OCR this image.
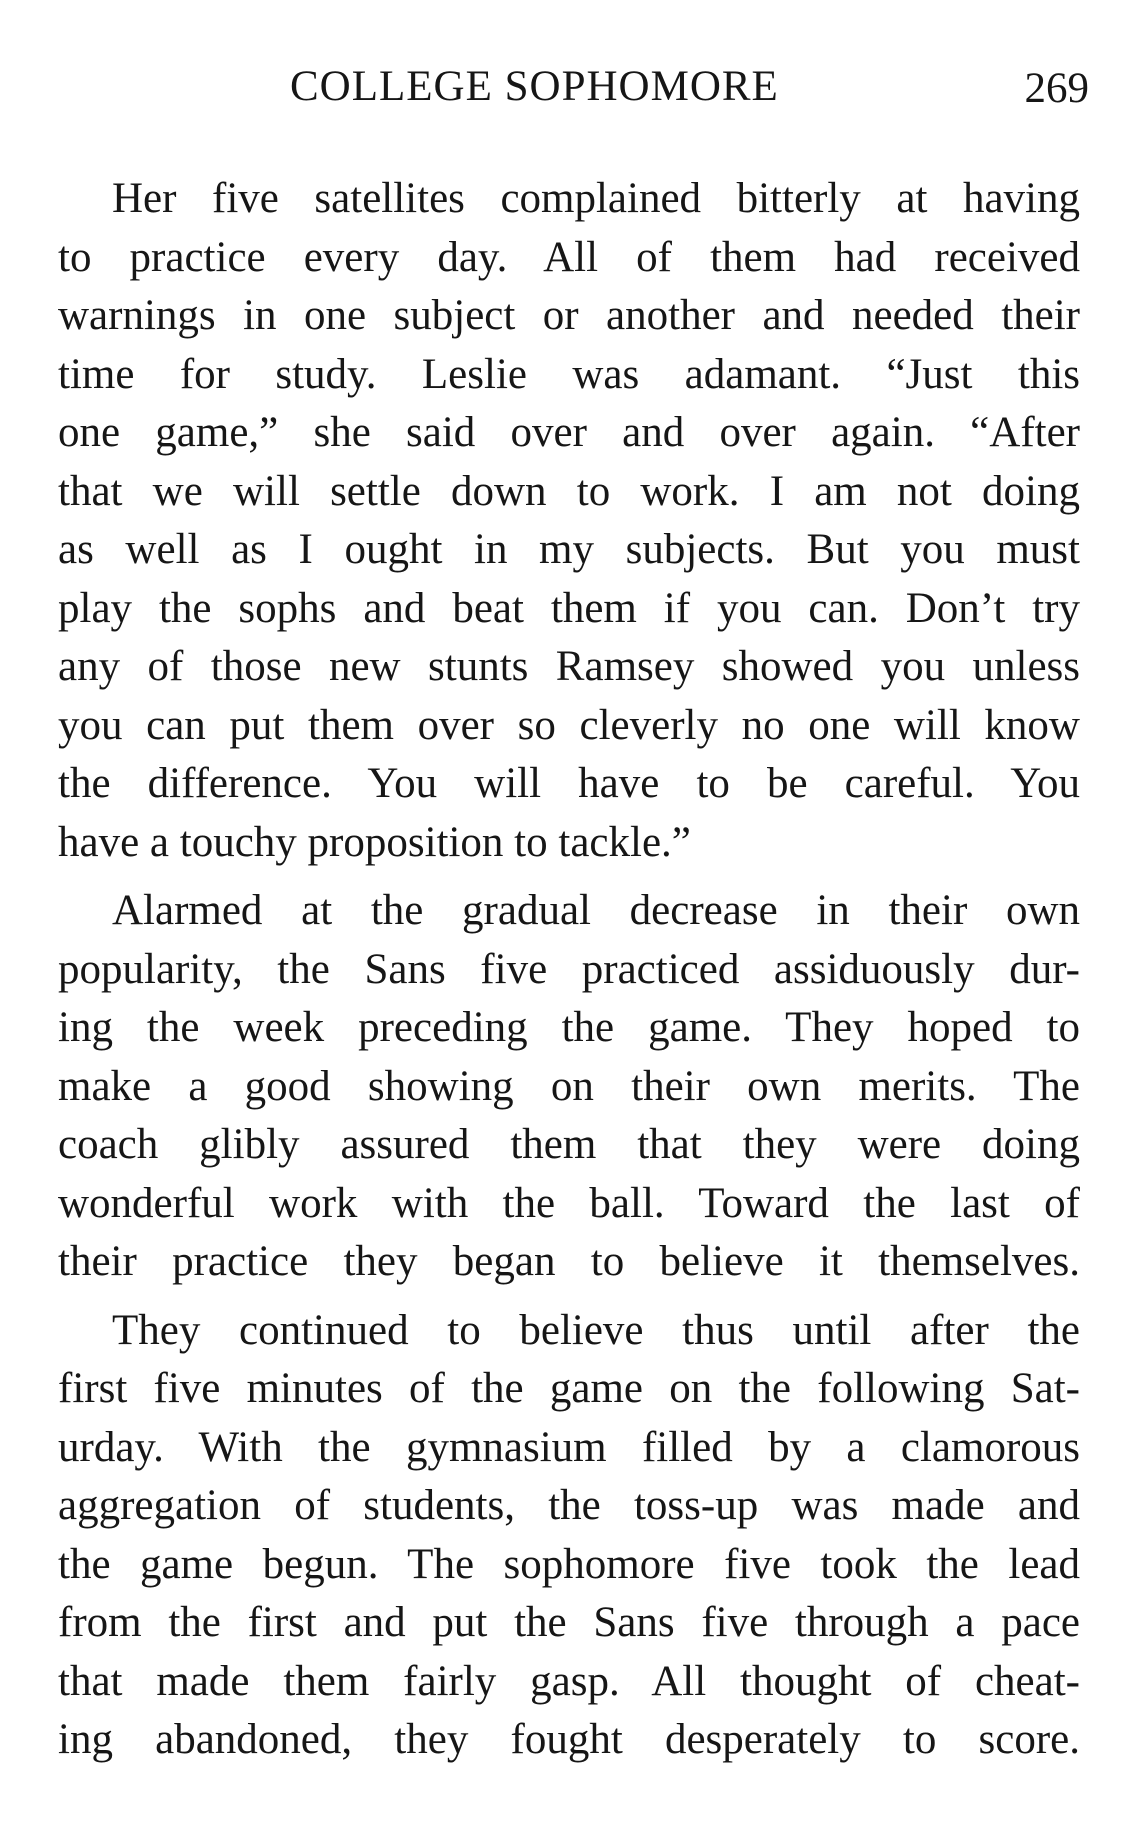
COLLEGE SOPHOMORE	269
Her five satellites complained bitterly at having
to practice every day. All of them had received
warnings in one subject or another and needed their
time for study. Leslie was adamant. “Just this
one game,” she said over and over again. “After
that we will settle down to work. I am not doing
as well as I ought in my subjects. But you must
play the sophs and beat them if you can. Don’t try
any of those new stunts Ramsey showed you unless
you can put them over so cleverly no one will know
the difference. You will have to be careful. You
have a touchy proposition to tackle.”
Alarmed at the gradual decrease in their own
popularity, the Sans five practiced assiduously dur-
ing the week preceding the game. They hoped to
make a good showing on their own merits. The
coach glibly assured them that they were doing
wonderful work with the ball. Toward the last of
their practice they began to believe it themselves.
They continued to believe thus until after the
first five minutes of the game on the following Sat-
urday. With the gymnasium filled by a clamorous
aggregation of students, the toss-up was made and
the game begun. The sophomore five took the lead
from the first and put the Sans five through a pace
that made them fairly gasp. All thought of cheat-
ing abandoned, they fought desperately to score.
